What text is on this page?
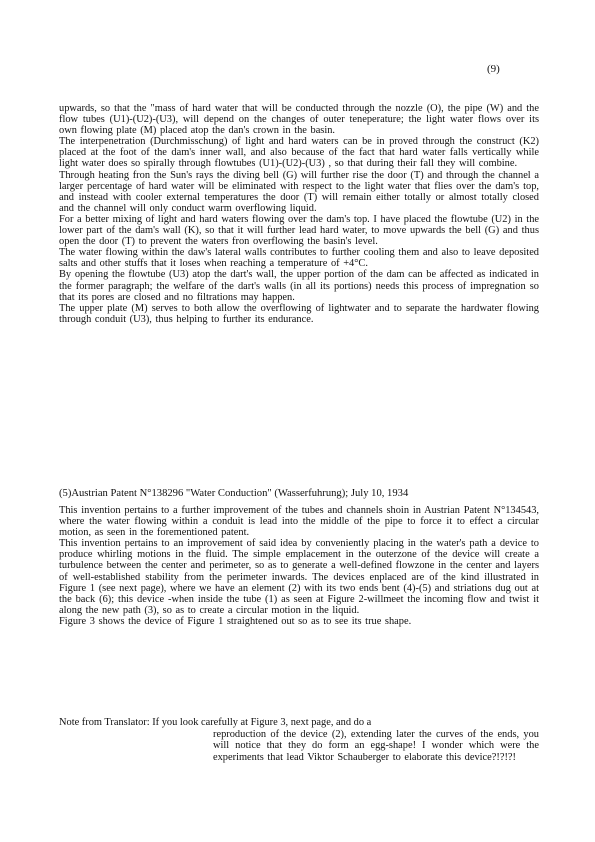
(9)

upwards, so that the "mass of hard water that will be conducted through the nozzle (O), the pipe (W) and the flow tubes (U1)-(U2)-(U3), will depend on the changes of outer teneperature; the light water flows over its own flowing plate (M) placed atop the dan's crown in the basin.

The interpenetration (Durchmisschung) of light and hard waters can be in proved through the construct (K2) placed at the foot of the dam's inner wall, and also because of the fact that hard water falls vertically while light water does so spirally through flowtubes (U1)-(U2)-(U3) , so that during their fall they will combine.

Through heating fron the Sun's rays the diving bell (G) will further rise the door (T) and through the channel a larger percentage of hard water will be eliminated with respect to the light water that flies over the dam's top, and instead with cooler external temperatures the door (T) will remain either totally or almost totally closed and the channel will only conduct warm overflowing liquid.

For a better mixing of light and hard waters flowing over the dam's top. I have placed the flowtube (U2) in the lower part of the dam's wall (K), so that it will further lead hard water, to move upwards the bell (G) and thus open the door (T) to prevent the waters fron overflowing the basin's level.

The water flowing within the daw's lateral walls contributes to further cooling them and also to leave deposited salts and other stuffs that it loses when reaching a temperature of +4°C.

By opening the flowtube (U3) atop the dart's wall, the upper portion of the dam can be affected as indicated in the former paragraph; the welfare of the dart's walls (in all its portions) needs this process of impregnation so that its pores are closed and no filtrations may happen.

The upper plate (M) serves to both allow the overflowing of lightwater and to separate the hardwater flowing through conduit (U3), thus helping to further its endurance.

(5)Austrian Patent N°138296 "Water Conduction" (Wasserfuhrung); July 10, 1934

This invention pertains to a further improvement of the tubes and channels shoin in Austrian Patent N°134543, where the water flowing within a conduit is lead into the middle of the pipe to force it to effect a circular motion, as seen in the forementioned patent.

This invention pertains to an improvement of said idea by conveniently placing in the water's path a device to produce whirling motions in the fluid. The simple emplacement in the outerzone of the device will create a turbulence between the center and perimeter, so as to generate a well-defined flowzone in the center and layers of well-established stability from the perimeter inwards. The devices enplaced are of the kind illustrated in Figure 1 (see next page), where we have an element (2) with its two ends bent (4)-(5) and striations dug out at the back (6); this device -when inside the tube (1) as seen at Figure 2-willmeet the incoming flow and twist it along the new path (3), so as to create a circular motion in the liquid.

Figure 3 shows the device of Figure 1 straightened out so as to see its true shape.

Note from Translator: If you look carefully at Figure 3, next page, and do a
reproduction of the device (2), extending later the curves of the ends, you will notice that they do form an egg-shape! I wonder which were the experiments that lead Viktor Schauberger to elaborate this device?!?!?!
